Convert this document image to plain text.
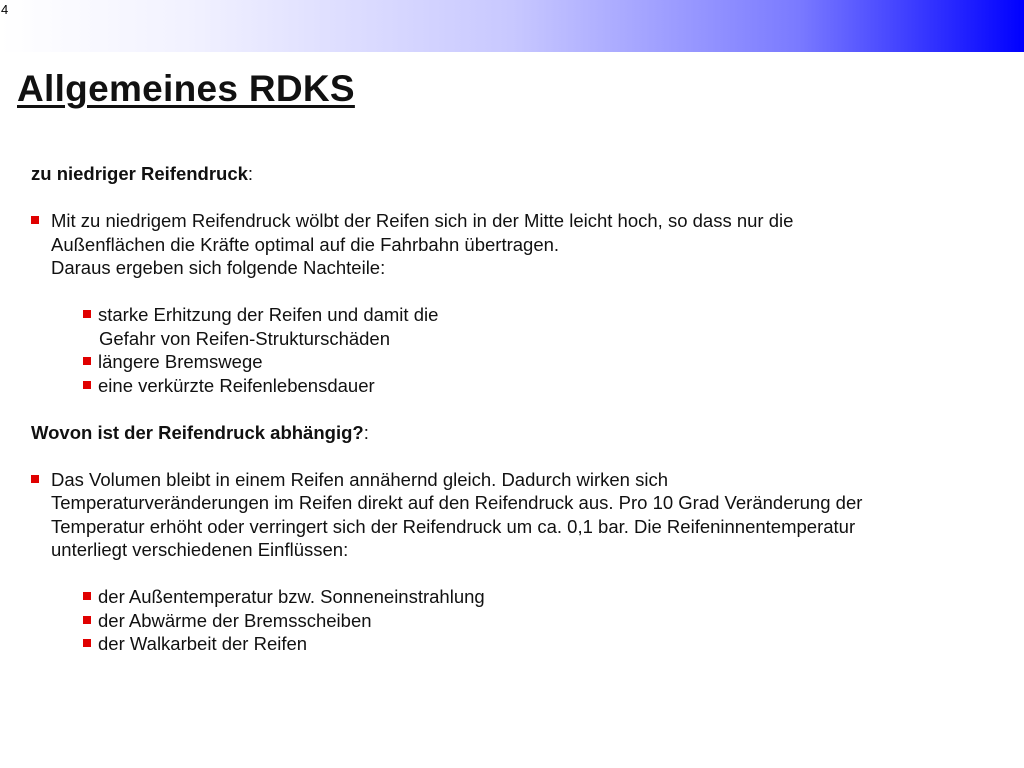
4
Allgemeines RDKS
zu niedriger Reifendruck:
Mit zu niedrigem Reifendruck wölbt der Reifen sich in der Mitte leicht hoch, so dass nur die
Außenflächen die Kräfte optimal auf die Fahrbahn übertragen.
Daraus ergeben sich folgende Nachteile:
starke Erhitzung der Reifen und damit die
Gefahr von Reifen-Strukturschäden
längere Bremswege
eine verkürzte Reifenlebensdauer
Wovon ist der Reifendruck abhängig?:
Das Volumen bleibt in einem Reifen annähernd gleich. Dadurch wirken sich
Temperaturveränderungen im Reifen direkt auf den Reifendruck aus. Pro 10 Grad Veränderung der
Temperatur erhöht oder verringert sich der Reifendruck um ca. 0,1 bar. Die Reifeninnentemperatur
unterliegt verschiedenen Einflüssen:
der Außentemperatur bzw. Sonneneinstrahlung
der Abwärme der Bremsscheiben
der Walkarbeit der Reifen
